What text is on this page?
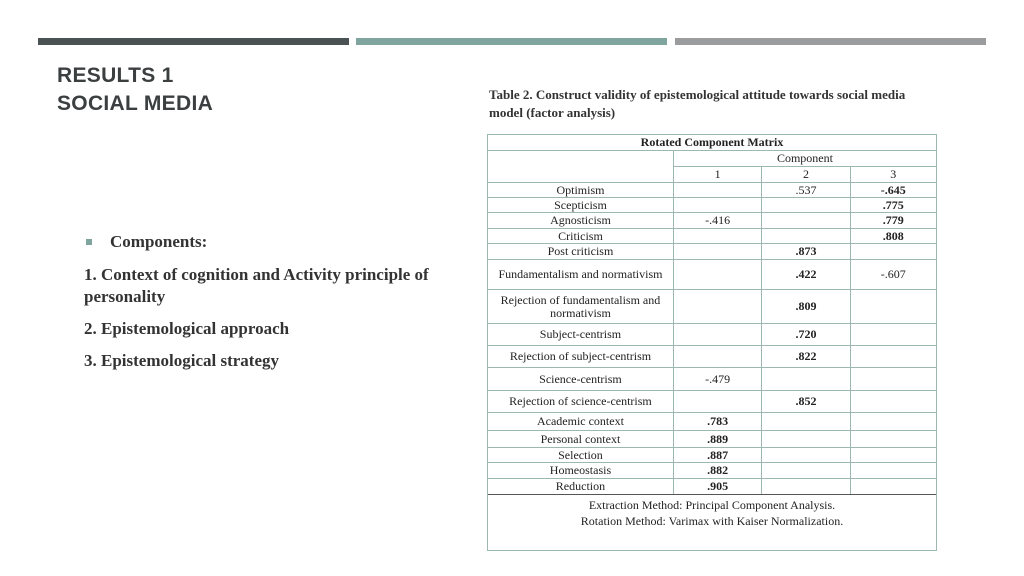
RESULTS 1
SOCIAL MEDIA	Table 2. Construct validity of epistemological attitude towards social media model (factor analysis)
Components:
1. Context of cognition and Activity principle of personality
2. Epistemological approach
3. Epistemological strategy
Rotated Component Matrix			
	Component		
	1	2	3
Optimism		.537	-.645
Scepticism			.775
Agnosticism	-.416		.779
Criticism			.808
Post criticism		.873	
Fundamentalism and normativism		.422	-.607
Rejection of fundamentalism and normativism		.809	
Subject-centrism		.720	
Rejection of subject-centrism		.822	
Science-centrism	-.479		
Rejection of science-centrism		.852	
Academic context	.783		
Personal context	.889		
Selection	.887		
Homeostasis	.882		
Reduction	.905		
Extraction Method: Principal Component Analysis.
Rotation Method: Varimax with Kaiser Normalization.
